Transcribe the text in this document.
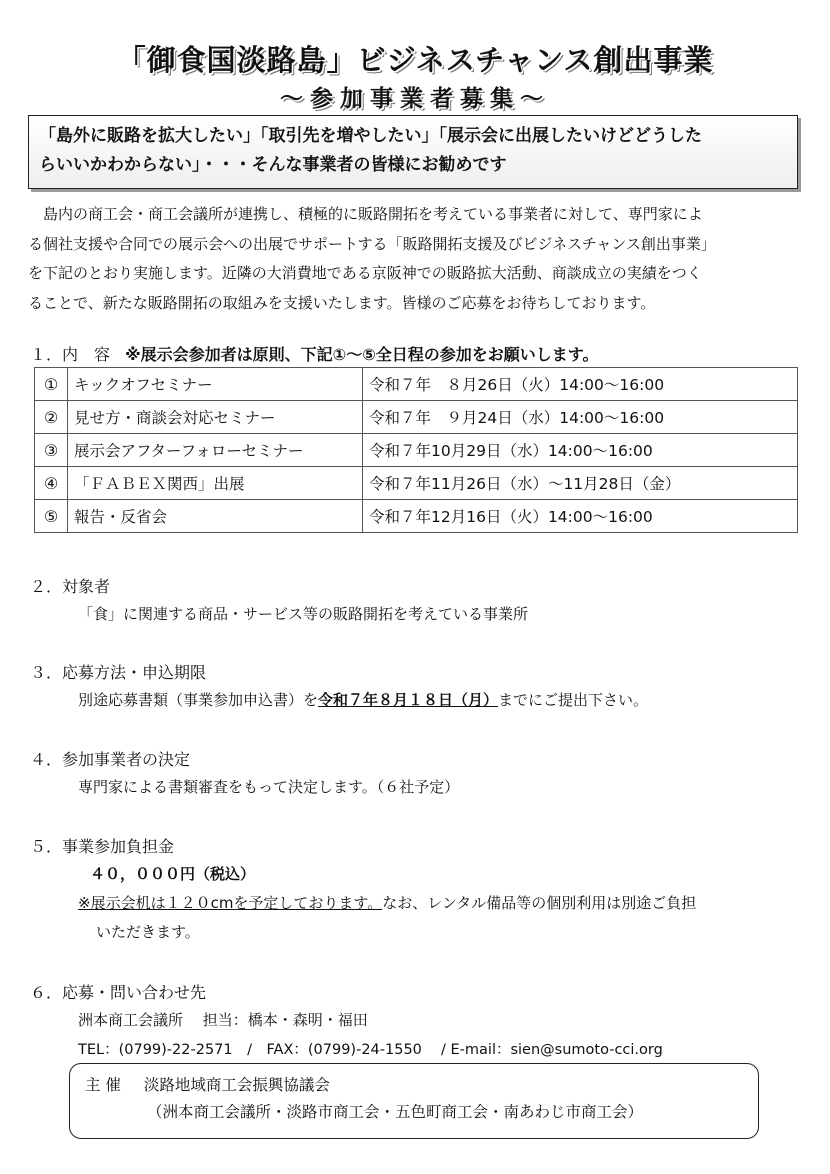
「御食国淡路島」ビジネスチャンス創出事業
～参加事業者募集～
「島外に販路を拡大したい」「取引先を増やしたい」「展示会に出展したいけどどうした
らいいかわからない」・・・そんな事業者の皆様にお勧めです
　島内の商工会・商工会議所が連携し、積極的に販路開拓を考えている事業者に対して、専門家によ
る個社支援や合同での展示会への出展でサポートする「販路開拓支援及びビジネスチャンス創出事業」
を下記のとおり実施します。近隣の大消費地である京阪神での販路拡大活動、商談成立の実績をつく
ることで、新たな販路開拓の取組みを支援いたします。皆様のご応募をお待ちしております。
１．内　容 ※展示会参加者は原則、下記①～⑤全日程の参加をお願いします。
①	キックオフセミナー	令和７年　８月26日（火）14:00～16:00
②	見せ方・商談会対応セミナー	令和７年　９月24日（水）14:00～16:00
③	展示会アフターフォローセミナー	令和７年10月29日（水）14:00～16:00
④	「ＦＡＢＥＸ関西」出展	令和７年11月26日（水）～11月28日（金）
⑤	報告・反省会	令和７年12月16日（火）14:00～16:00
２．対象者
「食」に関連する商品・サービス等の販路開拓を考えている事業所
３．応募方法・申込期限
別途応募書類（事業参加申込書）を令和７年８月１８日（月）までにご提出下さい。
４．参加事業者の決定
専門家による書類審査をもって決定します。（６社予定）
５．事業参加負担金
４０，０００円（税込）
※展示会机は１２０cmを予定しております。なお、レンタル備品等の個別利用は別途ご負担
いただきます。
６．応募・問い合わせ先
洲本商工会議所　 担当：橋本・森明・福田
TEL：(0799)-22-2571　/　FAX：(0799)-24-1550　 / E-mail：sien@sumoto-cci.org
主 催 淡路地域商工会振興協議会
（洲本商工会議所・淡路市商工会・五色町商工会・南あわじ市商工会）
